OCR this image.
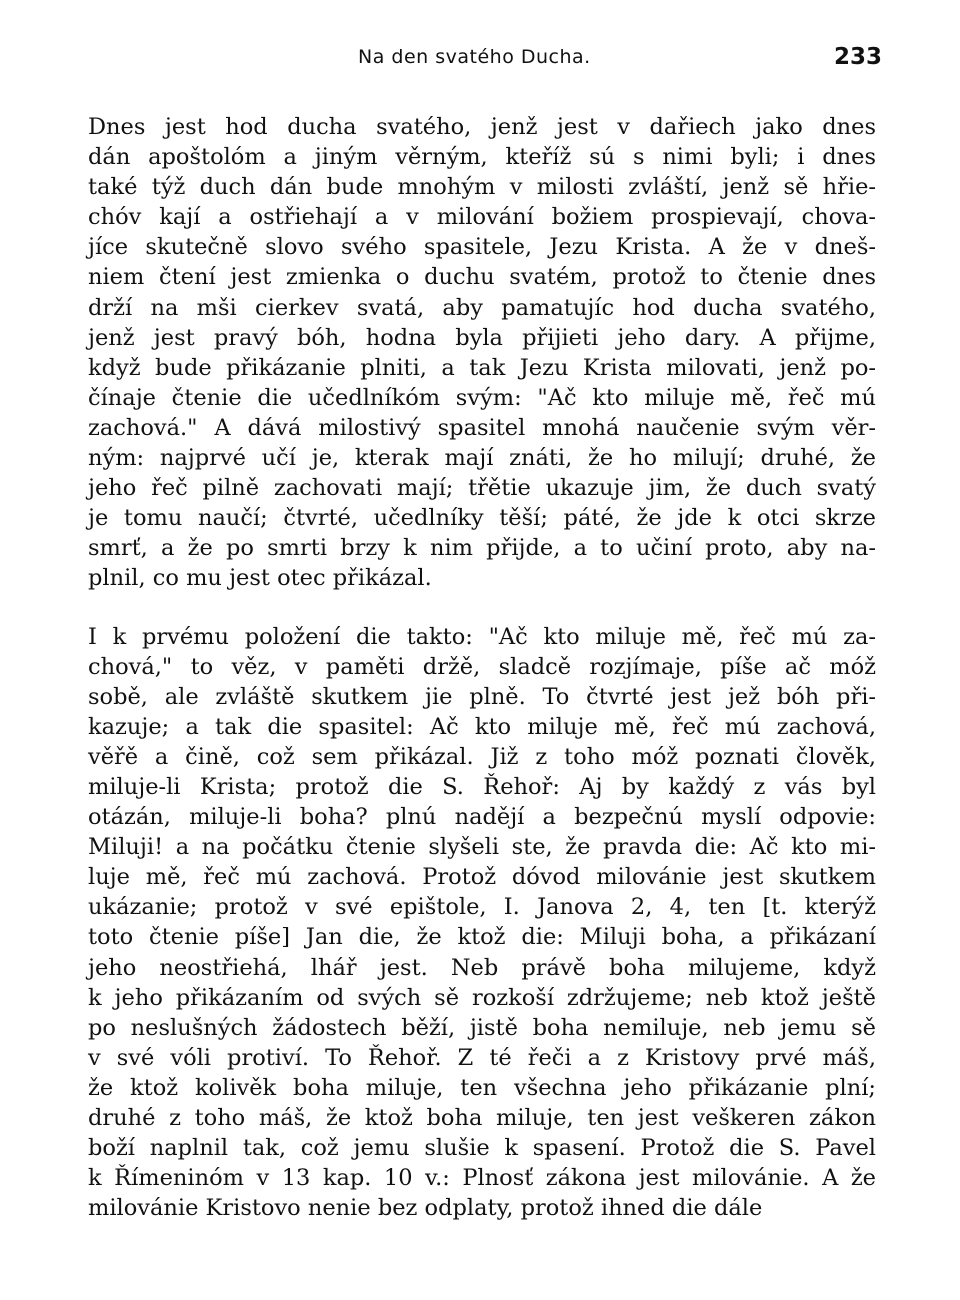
Na den svatého Ducha.	233
Dnes jest hod ducha svatého, jenž jest v dařiech jako dnes
dán apoštolóm a jiným věrným, kteříž sú s nimi byli; i dnes
také týž duch dán bude mnohým v milosti zvláští, jenž sě hřie-
chóv kají a ostřiehají a v milování božiem prospievají, chova-
jíce skutečně slovo svého spasitele, Jezu Krista. A že v dneš-
niem čtení jest zmienka o duchu svatém, protož to čtenie dnes
drží na mši cierkev svatá, aby pamatujíc hod ducha svatého,
jenž jest pravý bóh, hodna byla přijieti jeho dary. A přijme,
když bude přikázanie plniti, a tak Jezu Krista milovati, jenž po-
čínaje čtenie die učedlníkóm svým: "Ač kto miluje mě, řeč mú
zachová." A dává milostivý spasitel mnohá naučenie svým věr-
ným: najprvé učí je, kterak mají znáti, že ho milují; druhé, že
jeho řeč pilně zachovati mají; třětie ukazuje jim, že duch svatý
je tomu naučí; čtvrté, učedlníky těší; páté, že jde k otci skrze
smrť, a že po smrti brzy k nim přijde, a to učiní proto, aby na-
plnil, co mu jest otec přikázal.
I k prvému položení die takto: "Ač kto miluje mě, řeč mú za-
chová," to věz, v paměti držě, sladcě rozjímaje, píše ač móž
sobě, ale zvláště skutkem jie plně. To čtvrté jest jež bóh při-
kazuje; a tak die spasitel: Ač kto miluje mě, řeč mú zachová,
věřě a čině, což sem přikázal. Již z toho móž poznati člověk,
miluje-li Krista; protož die S. Řehoř: Aj by každý z vás byl
otázán, miluje-li boha? plnú nadějí a bezpečnú myslí odpovie:
Miluji! a na počátku čtenie slyšeli ste, že pravda die: Ač kto mi-
luje mě, řeč mú zachová. Protož dóvod milovánie jest skutkem
ukázanie; protož v své epištole, I. Janova 2, 4, ten [t. kterýž
toto čtenie píše] Jan die, že ktož die: Miluji boha, a přikázaní
jeho neostřiehá, lhář jest. Neb právě boha milujeme, když
k jeho přikázaním od svých sě rozkoší zdržujeme; neb ktož ještě
po neslušných žádostech běží, jistě boha nemiluje, neb jemu sě
v své vóli protiví. To Řehoř. Z té řeči a z Kristovy prvé máš,
že ktož kolivěk boha miluje, ten všechna jeho přikázanie plní;
druhé z toho máš, že ktož boha miluje, ten jest veškeren zákon
boží naplnil tak, což jemu slušie k spasení. Protož die S. Pavel
k Římeninóm v 13 kap. 10 v.: Plnosť zákona jest milovánie. A že
milovánie Kristovo nenie bez odplaty, protož ihned die dále
